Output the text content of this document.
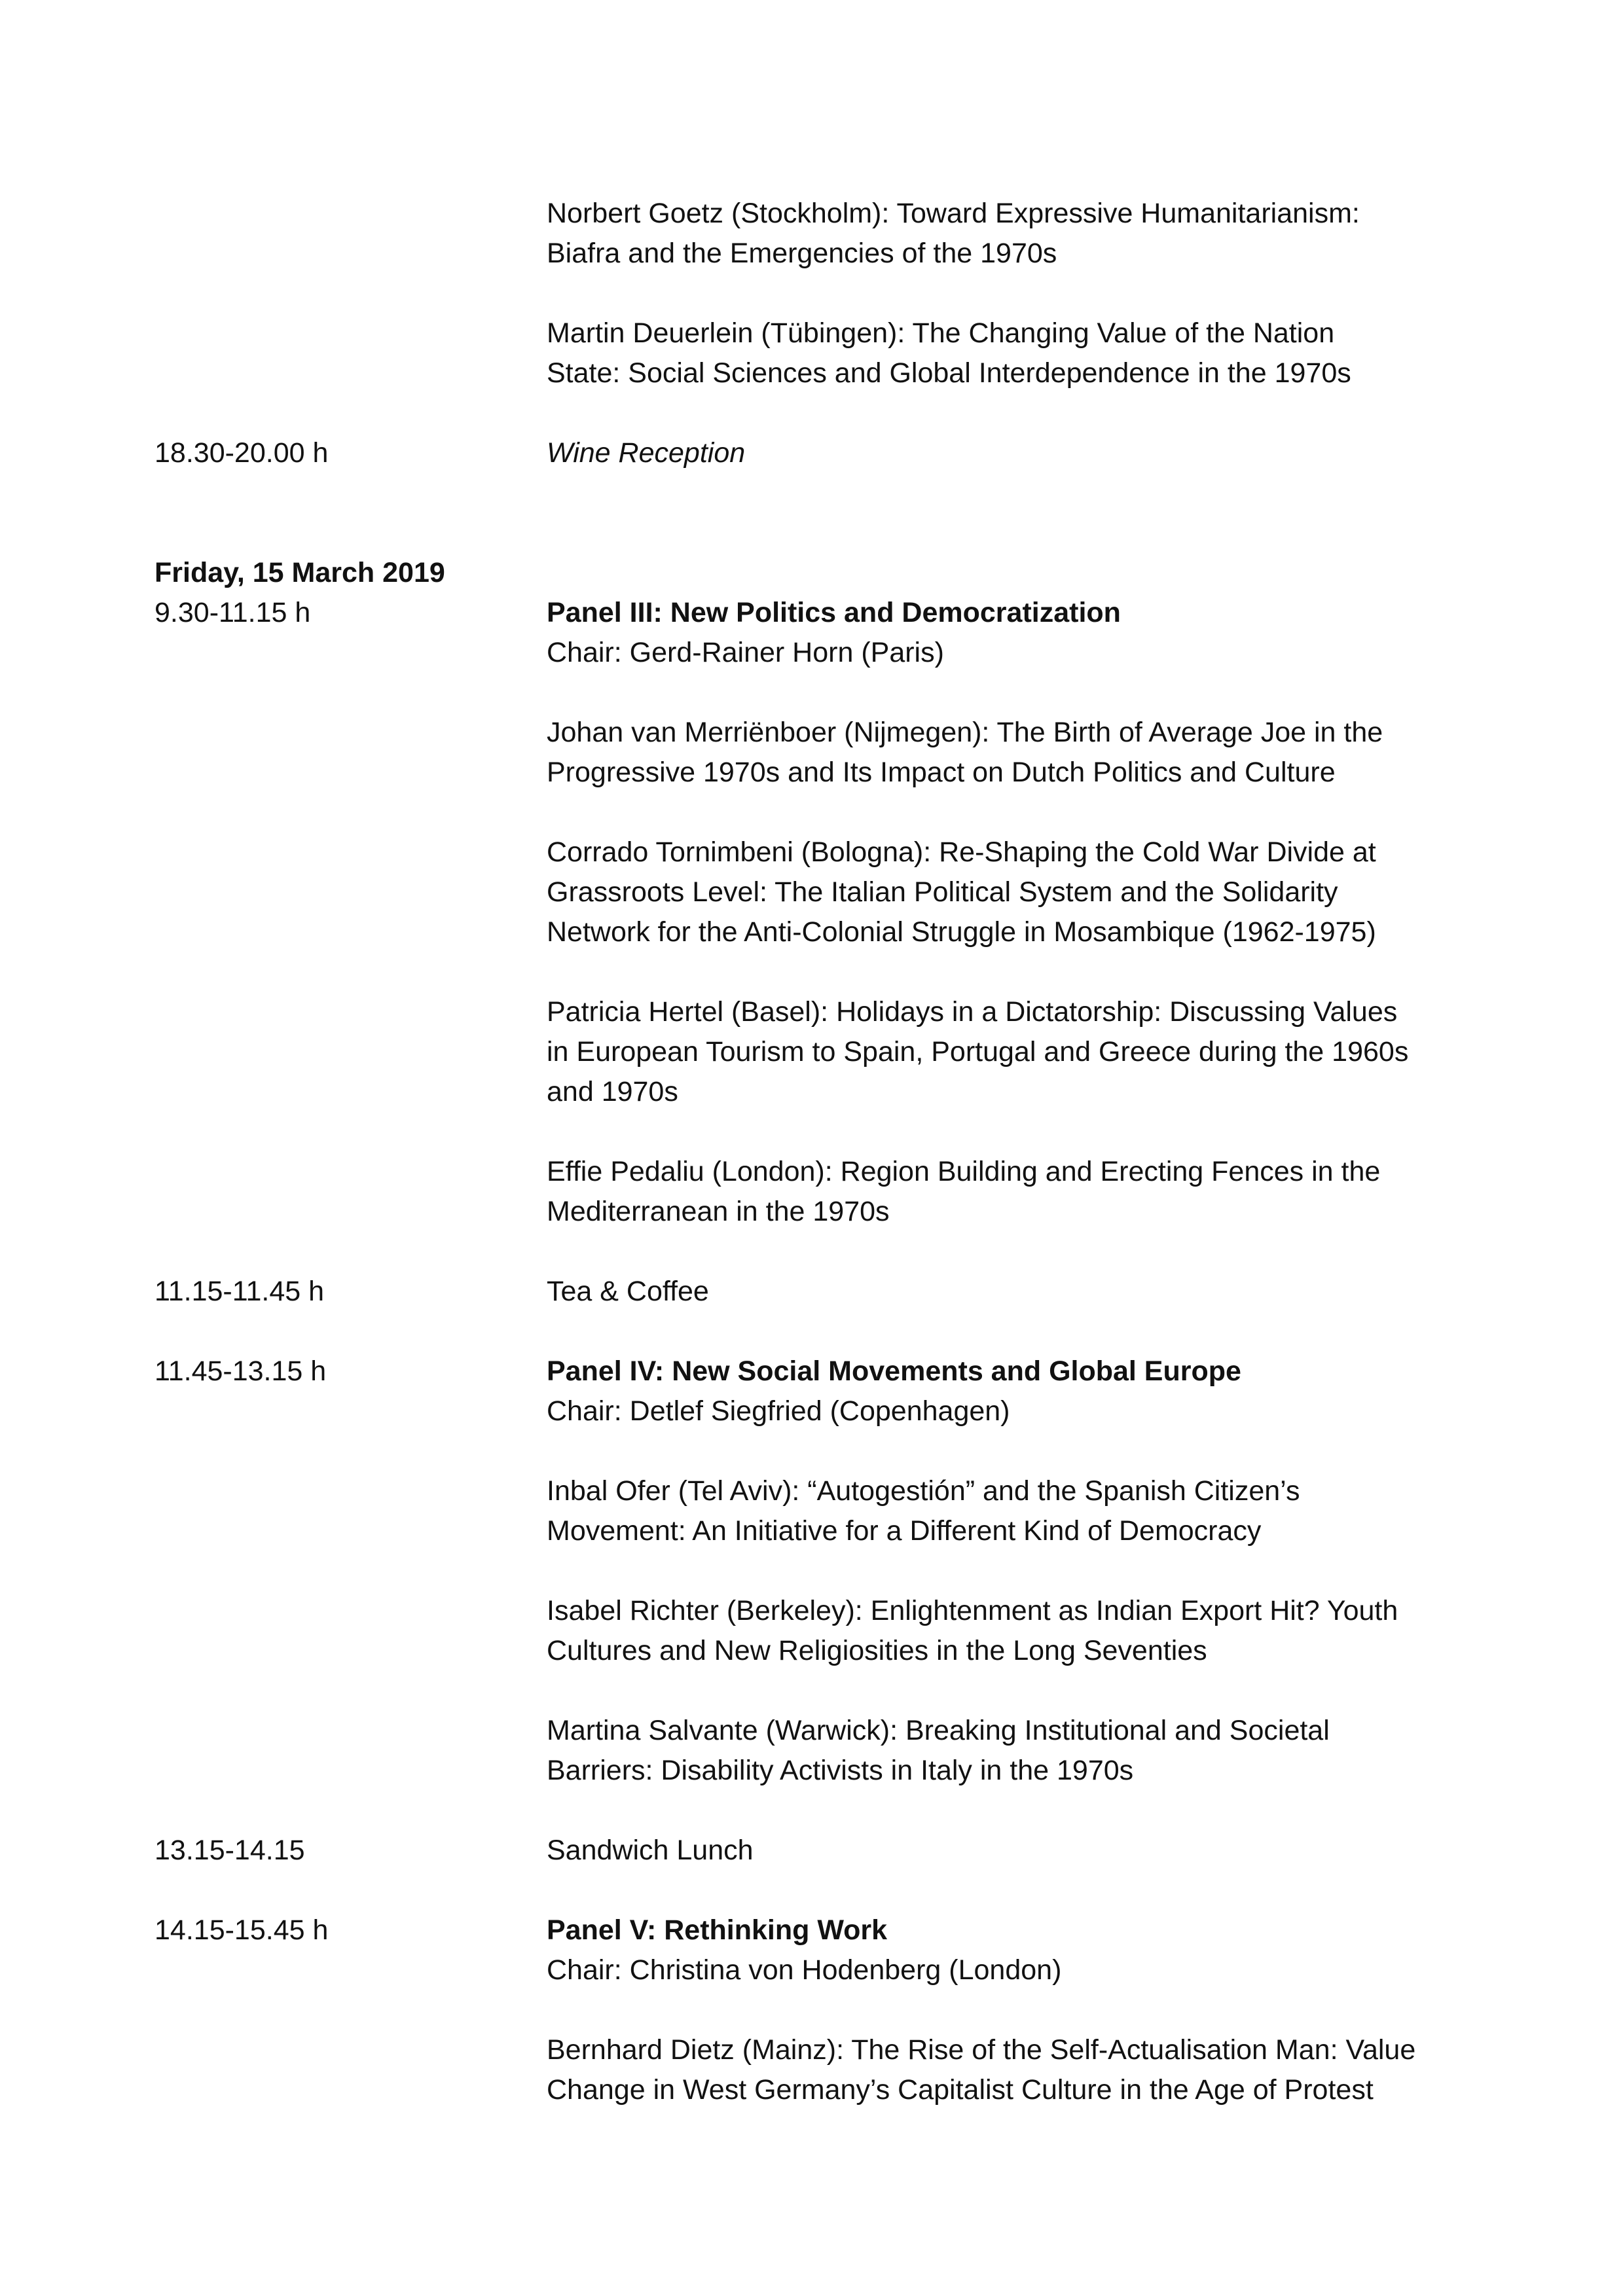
Norbert Goetz (Stockholm): Toward Expressive Humanitarianism:
Biafra and the Emergencies of the 1970s
Martin Deuerlein (Tübingen): The Changing Value of the Nation
State: Social Sciences and Global Interdependence in the 1970s
18.30-20.00 h	Wine Reception
Friday, 15 March 2019
9.30-11.15 h	Panel III: New Politics and Democratization
Chair: Gerd-Rainer Horn (Paris)
Johan van Merriënboer (Nijmegen): The Birth of Average Joe in the
Progressive 1970s and Its Impact on Dutch Politics and Culture
Corrado Tornimbeni (Bologna): Re-Shaping the Cold War Divide at
Grassroots Level: The Italian Political System and the Solidarity
Network for the Anti-Colonial Struggle in Mosambique (1962-1975)
Patricia Hertel (Basel): Holidays in a Dictatorship: Discussing Values
in European Tourism to Spain, Portugal and Greece during the 1960s
and 1970s
Effie Pedaliu (London): Region Building and Erecting Fences in the
Mediterranean in the 1970s
11.15-11.45 h	Tea & Coffee
11.45-13.15 h	Panel IV: New Social Movements and Global Europe
Chair: Detlef Siegfried (Copenhagen)
Inbal Ofer (Tel Aviv): “Autogestión” and the Spanish Citizen’s
Movement: An Initiative for a Different Kind of Democracy
Isabel Richter (Berkeley): Enlightenment as Indian Export Hit? Youth
Cultures and New Religiosities in the Long Seventies
Martina Salvante (Warwick): Breaking Institutional and Societal
Barriers: Disability Activists in Italy in the 1970s
13.15-14.15	Sandwich Lunch
14.15-15.45 h	Panel V: Rethinking Work
Chair: Christina von Hodenberg (London)
Bernhard Dietz (Mainz): The Rise of the Self-Actualisation Man: Value
Change in West Germany’s Capitalist Culture in the Age of Protest
